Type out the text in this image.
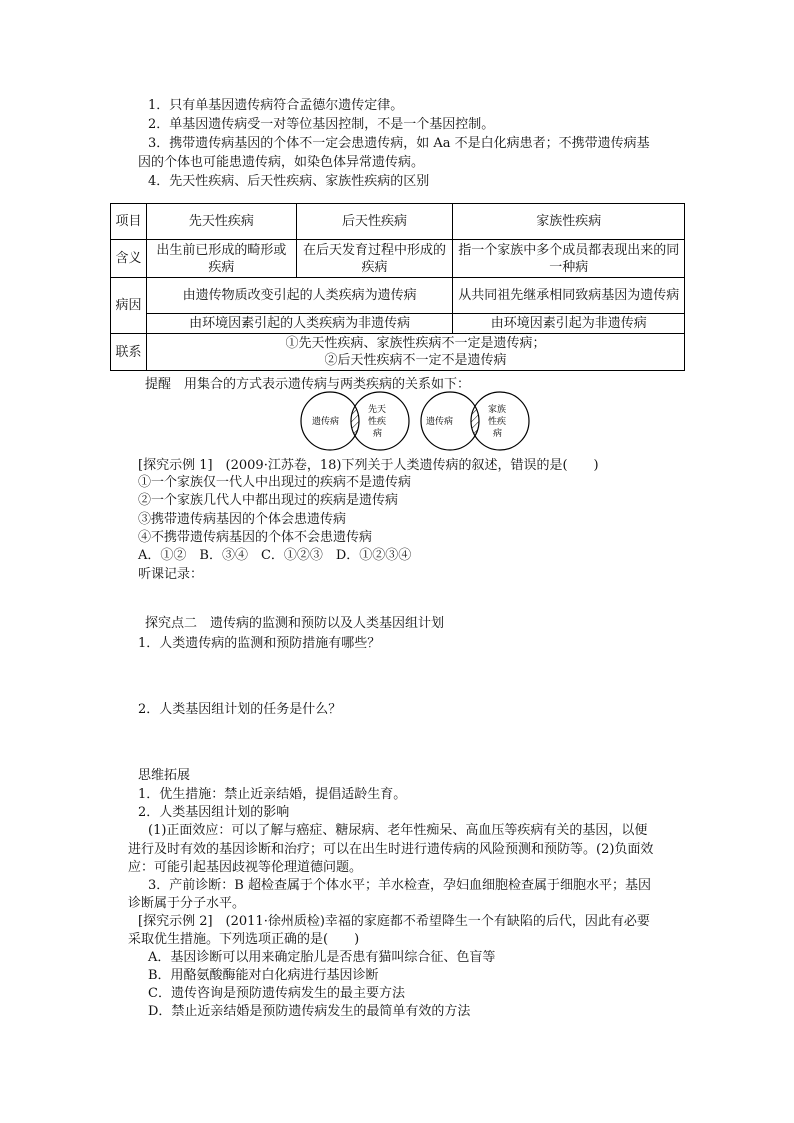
1．只有单基因遗传病符合孟德尔遗传定律。
2．单基因遗传病受一对等位基因控制，不是一个基因控制。
3．携带遗传病基因的个体不一定会患遗传病，如 Aa 不是白化病患者；不携带遗传病基
因的个体也可能患遗传病，如染色体异常遗传病。
4．先天性疾病、后天性疾病、家族性疾病的区别
项目	先天性疾病	后天性疾病	家族性疾病
含义	出生前已形成的畸形或疾病	在后天发育过程中形成的疾病	指一个家族中多个成员都表现出来的同一种病
病因	由遗传物质改变引起的人类疾病为遗传病		从共同祖先继承相同致病基因为遗传病
	由环境因素引起的人类疾病为非遗传病		由环境因素引起为非遗传病
联系	①先天性疾病、家族性疾病不一定是遗传病；
②后天性疾病不一定不是遗传病		
提醒　用集合的方式表示遗传病与两类疾病的关系如下：
遗传病
先天
性疾
病
遗传病
家族
性疾
病
[探究示例 1]　(2009·江苏卷，18)下列关于人类遗传病的叙述，错误的是(　　)
①一个家族仅一代人中出现过的疾病不是遗传病
②一个家族几代人中都出现过的疾病是遗传病
③携带遗传病基因的个体会患遗传病
④不携带遗传病基因的个体不会患遗传病
A．①②　B．③④　C．①②③　D．①②③④
听课记录：
探究点二　遗传病的监测和预防以及人类基因组计划
1．人类遗传病的监测和预防措施有哪些？
2．人类基因组计划的任务是什么？
思维拓展
1．优生措施：禁止近亲结婚，提倡适龄生育。
2．人类基因组计划的影响
(1)正面效应：可以了解与癌症、糖尿病、老年性痴呆、高血压等疾病有关的基因，以便
进行及时有效的基因诊断和治疗；可以在出生时进行遗传病的风险预测和预防等。(2)负面效
应：可能引起基因歧视等伦理道德问题。
3．产前诊断：B 超检查属于个体水平；羊水检查，孕妇血细胞检查属于细胞水平；基因
诊断属于分子水平。
[探究示例 2]　(2011·徐州质检)幸福的家庭都不希望降生一个有缺陷的后代，因此有必要
采取优生措施。下列选项正确的是(　　)
A．基因诊断可以用来确定胎儿是否患有猫叫综合征、色盲等
B．用酪氨酸酶能对白化病进行基因诊断
C．遗传咨询是预防遗传病发生的最主要方法
D．禁止近亲结婚是预防遗传病发生的最简单有效的方法
